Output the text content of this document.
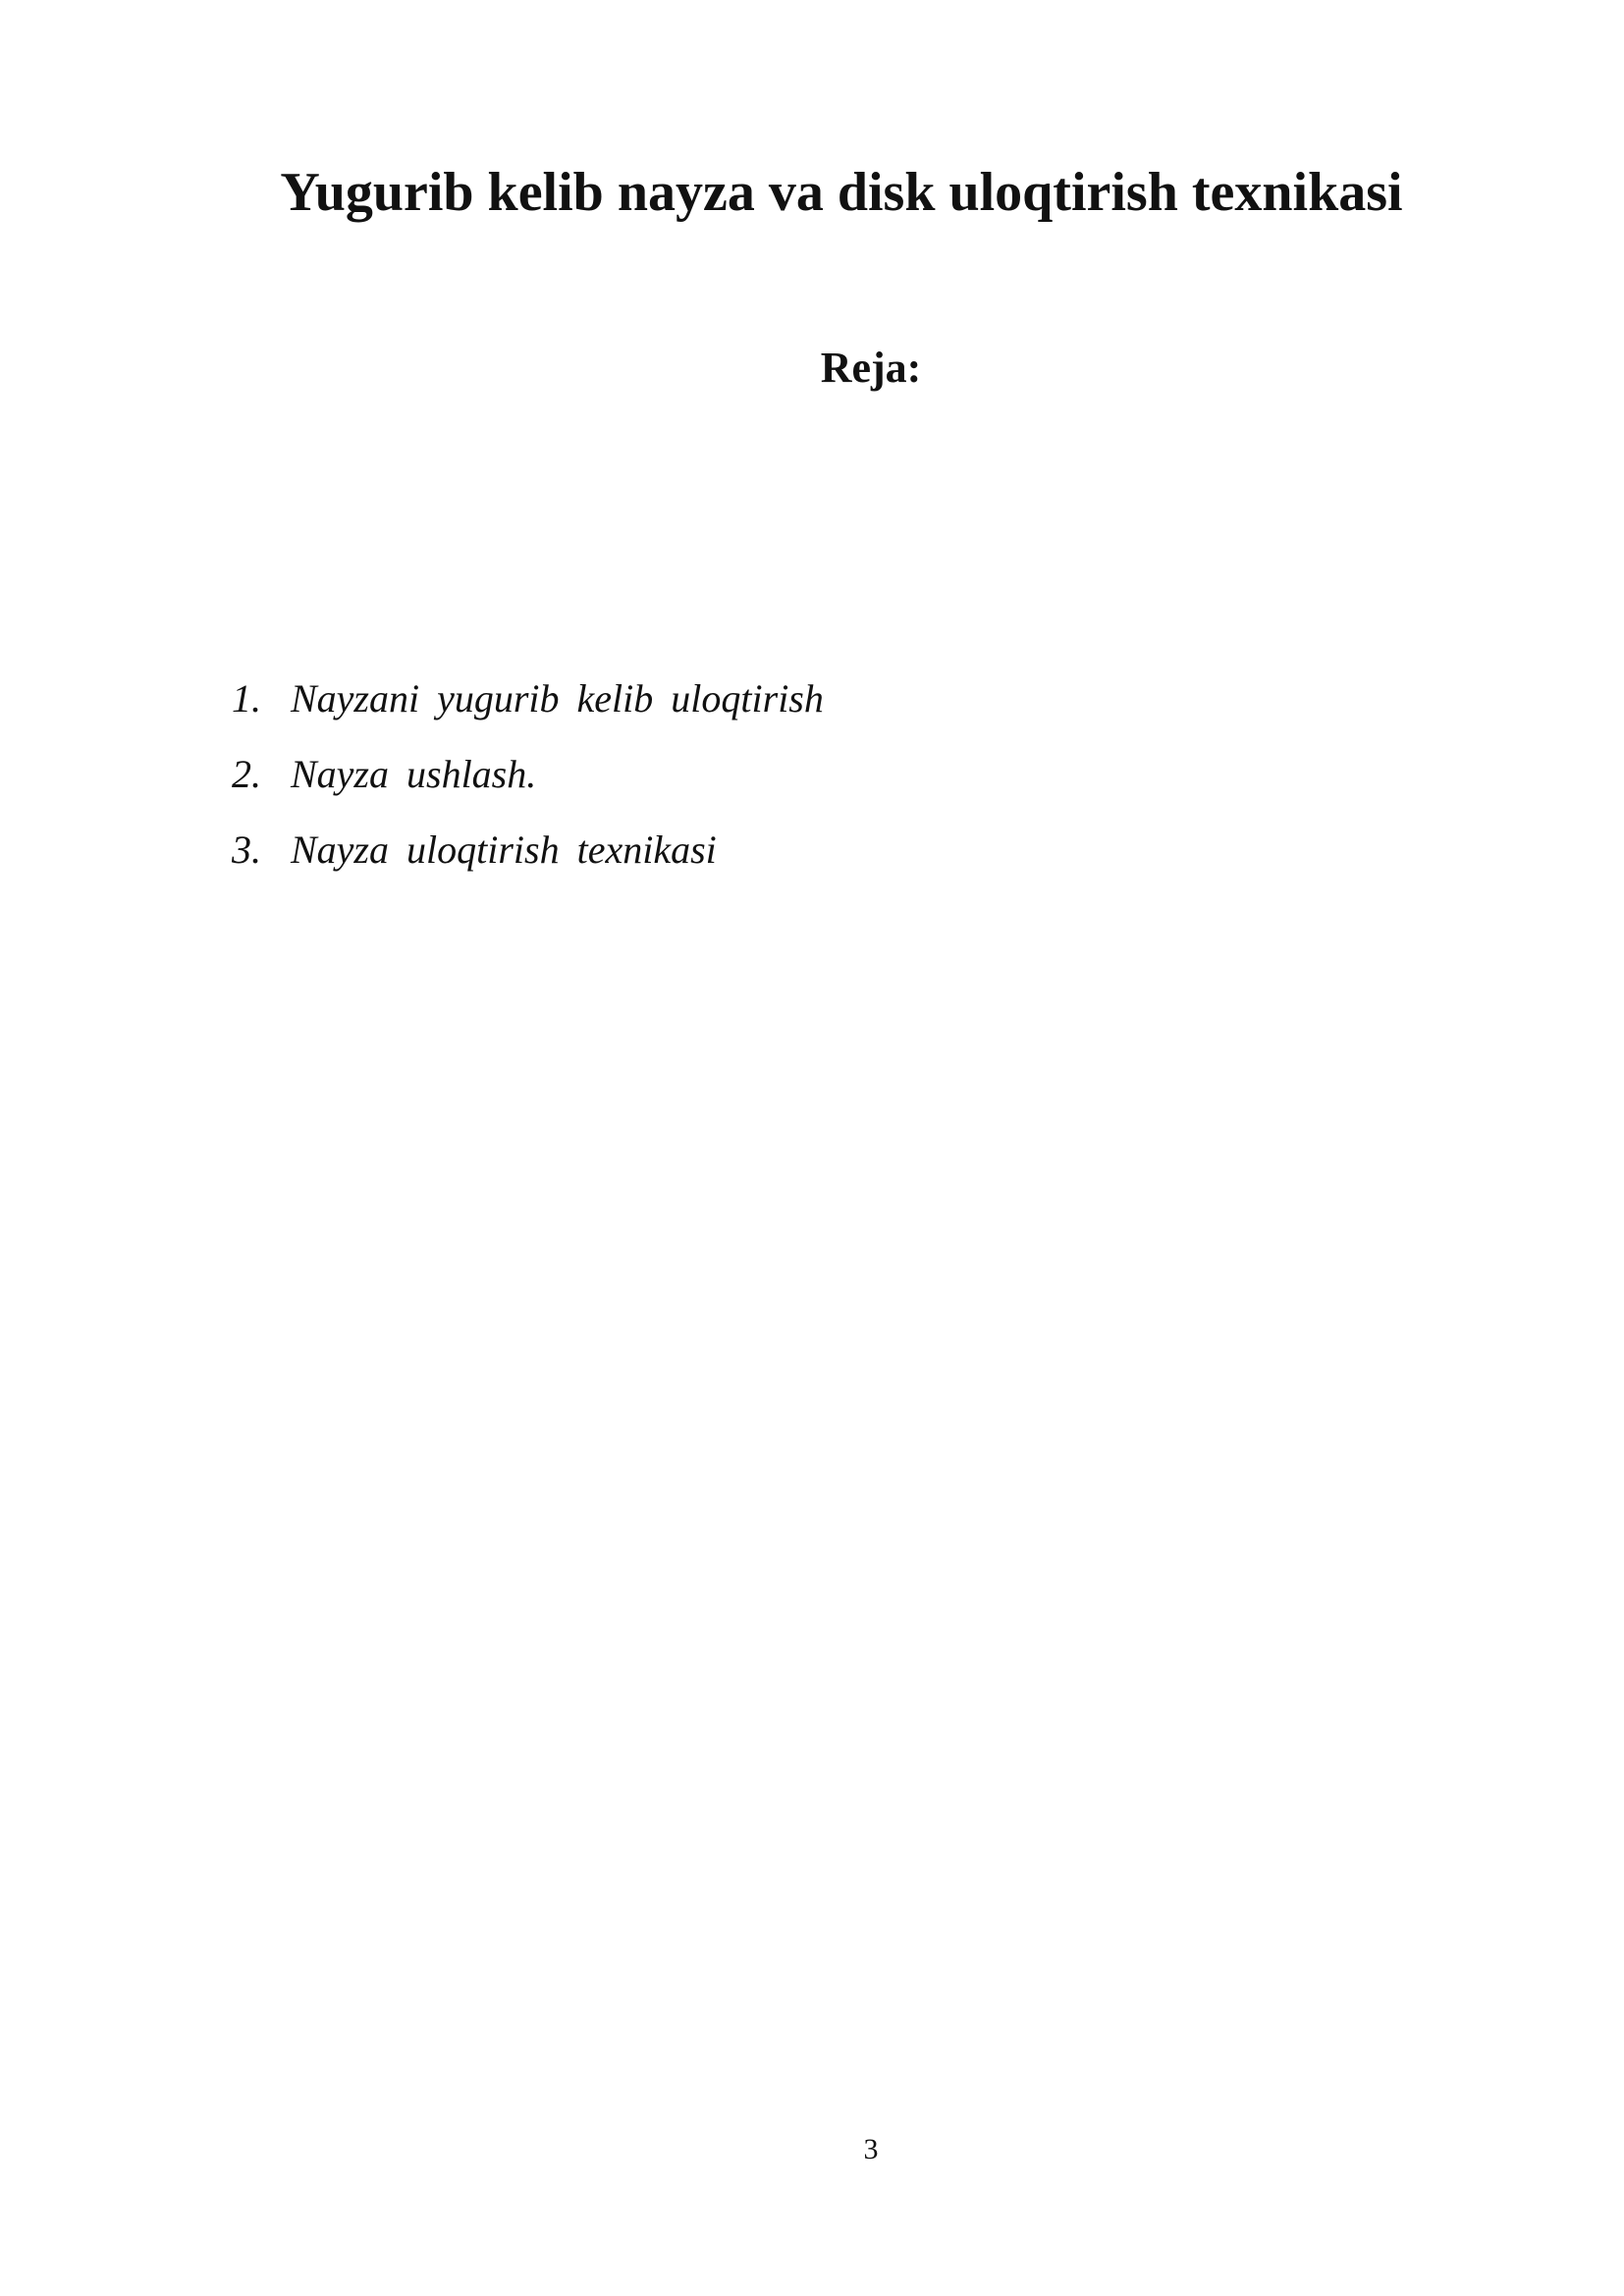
Yugurib kelib nayza va disk uloqtirish texnikasi
Reja:
1. Nayzani yugurib kelib uloqtirish
2. Nayza ushlash.
3. Nayza uloqtirish texnikasi
3
